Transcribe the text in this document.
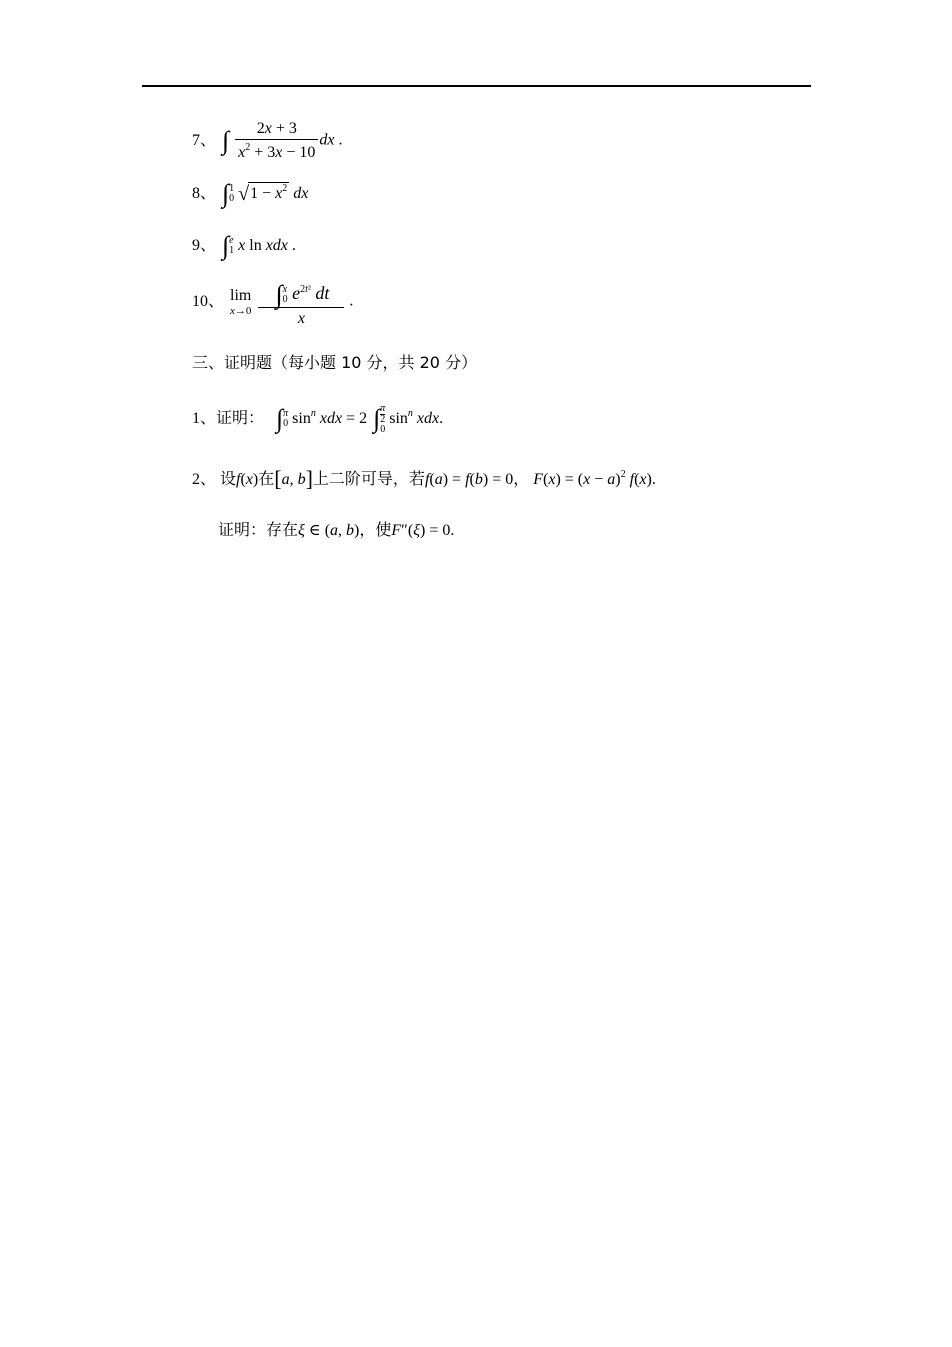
7、 ∫ $\frac{2x + 3}{x^2 + 3x - 10}$ dx .
8、 ∫ 1
0 $√1 - x^2$ dx
9、 ∫ e
1 x ln xdx .
10、 lim
x→0
∫ x
0 $e^{2t^2}$ dt
x .
三、证明题（每小题 10 分，共 20 分）
1、证明： ∫ π
0 $\sin^n$ xdx = 2 ∫ π
2
0
$\sin^n$ xdx.
2、 设f(x)在[a, b]上二阶可导，若f(a) = f(b) = 0， $F(x) = (x - a)^2$ f(x).
证明：存在ξ ∈ (a, b)，使F″(ξ) = 0.
